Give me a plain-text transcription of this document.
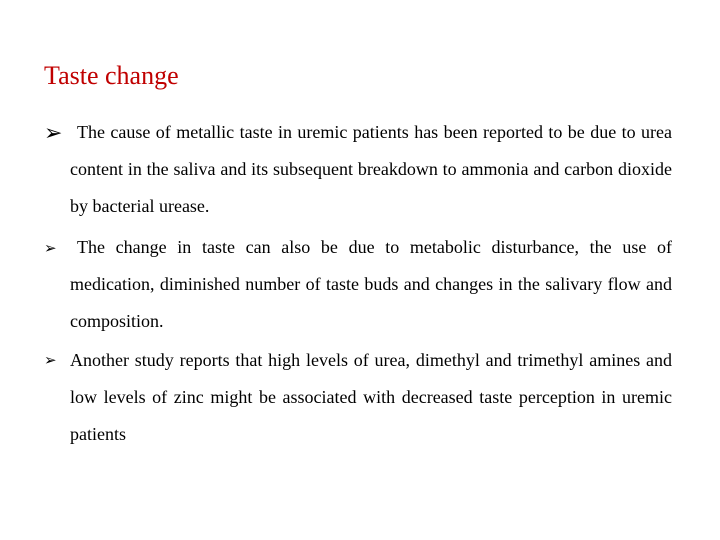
Taste change
➢ The cause of metallic taste in uremic patients has been reported to be due to urea content in the saliva and its subsequent breakdown to ammonia and carbon dioxide by bacterial urease.
➢	The change in taste can also be due to metabolic disturbance, the use of medication, diminished number of taste buds and changes in the salivary flow and composition.
➢ Another study reports that high levels of urea, dimethyl and trimethyl amines and low levels of zinc might be associated with decreased taste perception in uremic patients
